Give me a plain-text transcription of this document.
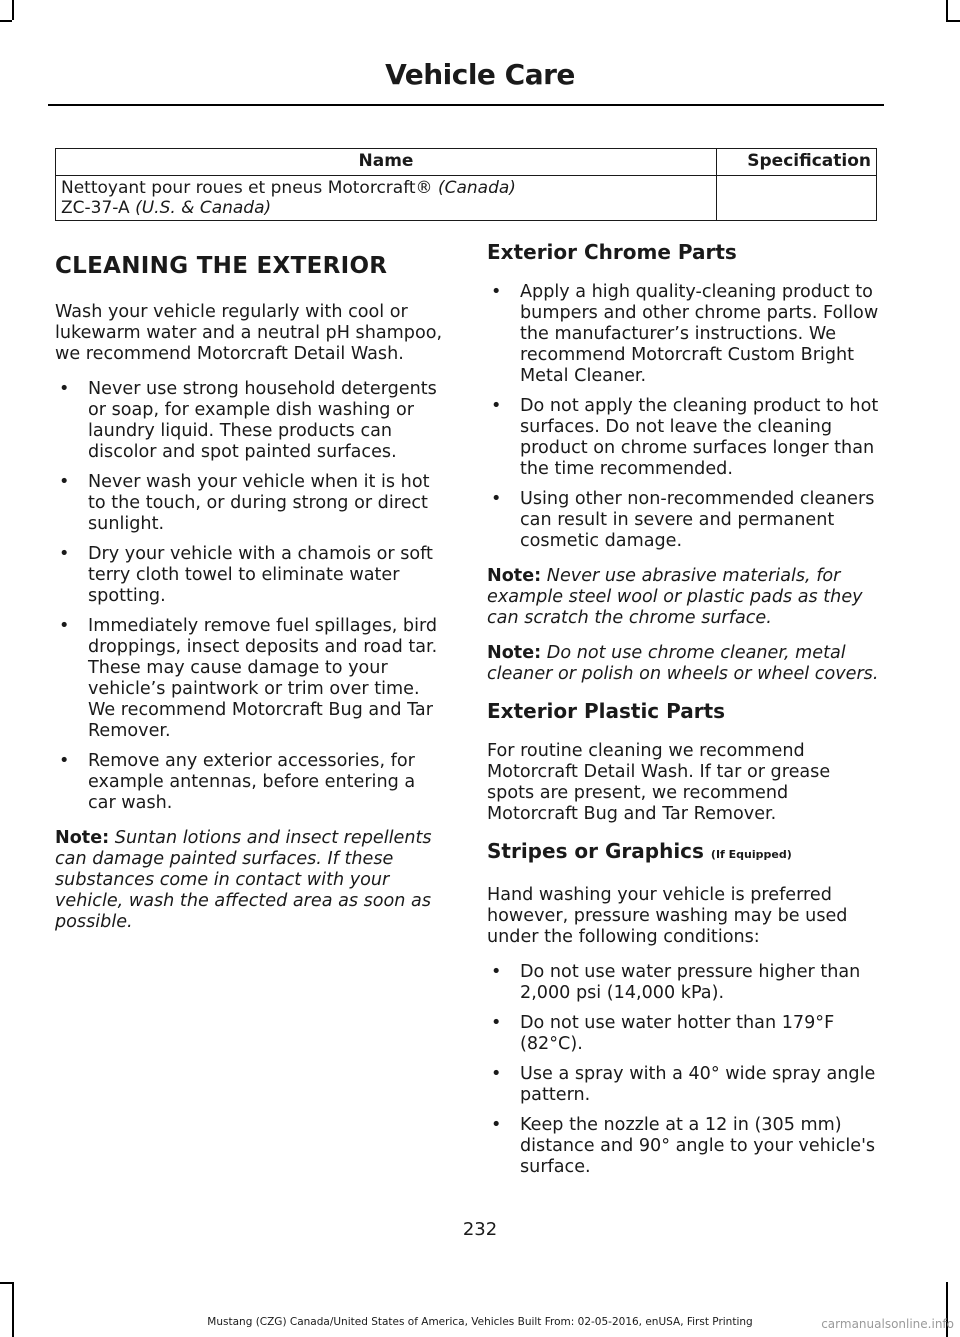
Vehicle Care
Name	Specification
Nettoyant pour roues et pneus Motorcraft® (Canada)
ZC-37-A (U.S. & Canada)	
CLEANING THE EXTERIOR

Wash your vehicle regularly with cool or lukewarm water and a neutral pH shampoo, we recommend Motorcraft Detail Wash.

• Never use strong household detergents or soap, for example dish washing or laundry liquid. These products can discolor and spot painted surfaces.
• Never wash your vehicle when it is hot to the touch, or during strong or direct sunlight.
• Dry your vehicle with a chamois or soft terry cloth towel to eliminate water spotting.
• Immediately remove fuel spillages, bird droppings, insect deposits and road tar. These may cause damage to your vehicle’s paintwork or trim over time. We recommend Motorcraft Bug and Tar Remover.
• Remove any exterior accessories, for example antennas, before entering a car wash.

Note: Suntan lotions and insect repellents can damage painted surfaces. If these substances come in contact with your vehicle, wash the affected area as soon as possible.

Exterior Chrome Parts
• Apply a high quality-cleaning product to bumpers and other chrome parts. Follow the manufacturer’s instructions. We recommend Motorcraft Custom Bright Metal Cleaner.
• Do not apply the cleaning product to hot surfaces. Do not leave the cleaning product on chrome surfaces longer than the time recommended.
• Using other non-recommended cleaners can result in severe and permanent cosmetic damage.

Note: Never use abrasive materials, for example steel wool or plastic pads as they can scratch the chrome surface.

Note: Do not use chrome cleaner, metal cleaner or polish on wheels or wheel covers.

Exterior Plastic Parts

For routine cleaning we recommend Motorcraft Detail Wash. If tar or grease spots are present, we recommend Motorcraft Bug and Tar Remover.

Stripes or Graphics (If Equipped)

Hand washing your vehicle is preferred however, pressure washing may be used under the following conditions:

• Do not use water pressure higher than 2,000 psi (14,000 kPa).
• Do not use water hotter than 179°F (82°C).
• Use a spray with a 40° wide spray angle pattern.
• Keep the nozzle at a 12 in (305 mm) distance and 90° angle to your vehicle's surface.
232
Mustang (CZG) Canada/United States of America, Vehicles Built From: 02-05-2016, enUSA, First Printing	carmanualsonline.info
